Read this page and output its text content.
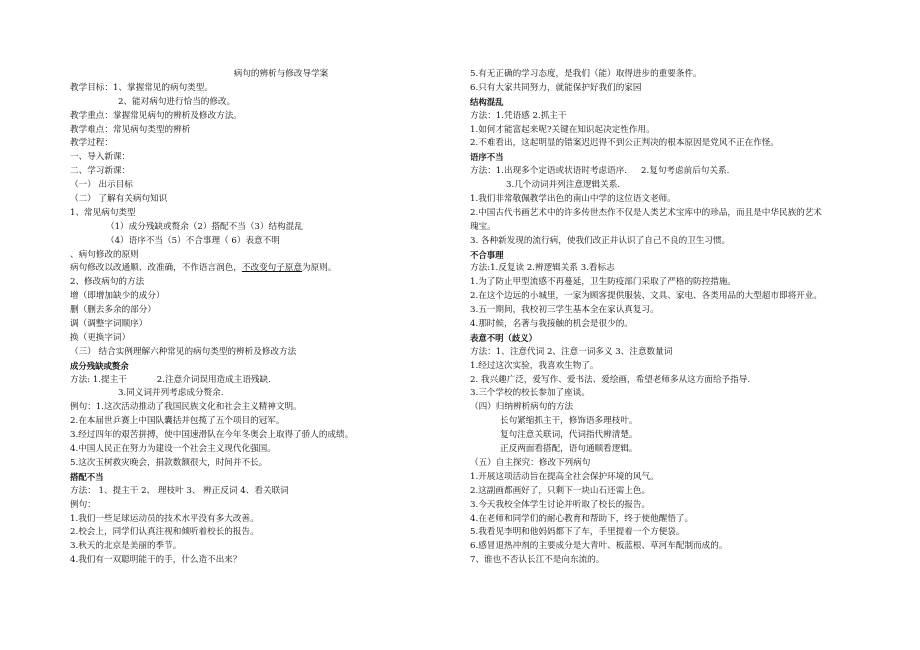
病句的辨析与修改导学案
教学目标：1、掌握常见的病句类型。
2、能对病句进行恰当的修改。
教学重点：掌握常见病句的辨析及修改方法。
教学难点：常见病句类型的辨析
教学过程：
一、导入新课：
二、学习新课：
（一） 出示目标
（二） 了解有关病句知识
1、常见病句类型
（1）成分残缺或赘余（2）搭配不当（3）结构混乱
（4）语序不当（5）不合事理（ 6）表意不明
、病句修改的原则
病句修改以改通顺、改准确，不作语言润色，不改变句子原意为原则。
2、修改病句的方法
增（即增加缺少的成分）
删（删去多余的部分）
调（调整字词顺序）
换（更换字词）
（三） 结合实例理解六种常见的病句类型的辨析及修改方法
成分残缺或赘余
方法: 1.提主干	2.注意介词误用造成主语残缺.
3.同义词并列考虑成分赘余.
例句：1.这次活动推动了我国民族文化和社会主义精神文明。
2.在本届世乒赛上中国队囊括并包揽了五个项目的冠军。
3.经过四年的艰苦拼搏，使中国速滑队在今年冬奥会上取得了骄人的成绩。
4.中国人民正在努力为建设一个社会主义现代化强国。
5.这次玉树救灾晚会，捐款数额很大，时间并不长。
搭配不当
方法： 1、提主干 2、 理枝叶 3、 辨正反词 4、看关联词
例句：
1.我们一些足球运动员的技术水平没有多大改善。
2.校会上，同学们认真注视和倾听着校长的报告。
3.秋天的北京是美丽的季节。
4.我们有一双聪明能干的手，什么造不出来？
5.有无正确的学习态度，是我们（能）取得进步的重要条件。
6.只有大家共同努力，就能保护好我们的家园
结构混乱
方法：1.凭语感 2.抓主干
1.如何才能富起来呢?关键在知识起决定性作用。
2.不难看出，这起明显的错案迟迟得不到公正判决的根本原因是党风不正在作怪。
语序不当
方法：1.出现多个定语或状语时考虑语序. 2.复句考虑前后句关系.
3.几个动词并列注意逻辑关系.
1.我们非常敬佩教学出色的南山中学的这位语文老师。
2.中国古代书画艺术中的许多传世杰作不仅是人类艺术宝库中的珍品，而且是中华民族的艺术
瑰宝。
3. 各种新发现的流行病，使我们改正并认识了自己不良的卫生习惯。
不合事理
方法:1.反复读 2.辨逻辑关系 3.看标志
1.为了防止甲型流感不再蔓延，卫生防疫部门采取了严格的防控措施。
2.在这个边远的小城里，一家为顾客提供服装、文具、家电、各类用品的大型超市即将开业。
3.五一期间，我校初三学生基本全在家认真复习。
4.那时候，名著与我接触的机会是很少的。
表意不明（歧义）
方法：1、注意代词 2、注意一词多义 3、注意数量词
1.经过这次实验，我喜欢生物了。
2. 我兴趣广泛，爱写作、爱书法、爱绘画，希望老师多从这方面给予指导.
3.三个学校的校长参加了座谈。
（四）归纳辨析病句的方法
长句紧缩抓主干，修饰语多理枝叶。
复句注意关联词，代词指代辨清楚。
正反两面看搭配，语句通顺看逻辑。
（五）自主探究：修改下列病句
1.开展这项活动旨在提高全社会保护环境的风气。
2.这副画都画好了，只剩下一块山石还需上色。
3.今天我校全体学生讨论并听取了校长的报告。
4.在老师和同学们的耐心教育和帮助下，终于使他醒悟了。
5.我看见李明和他妈妈都下了车，手里提着一个方便袋。
6.感冒退热冲剂的主要成分是大青叶、板蓝根、草河车配制而成的。
7、谁也不否认长江不是向东流的。
